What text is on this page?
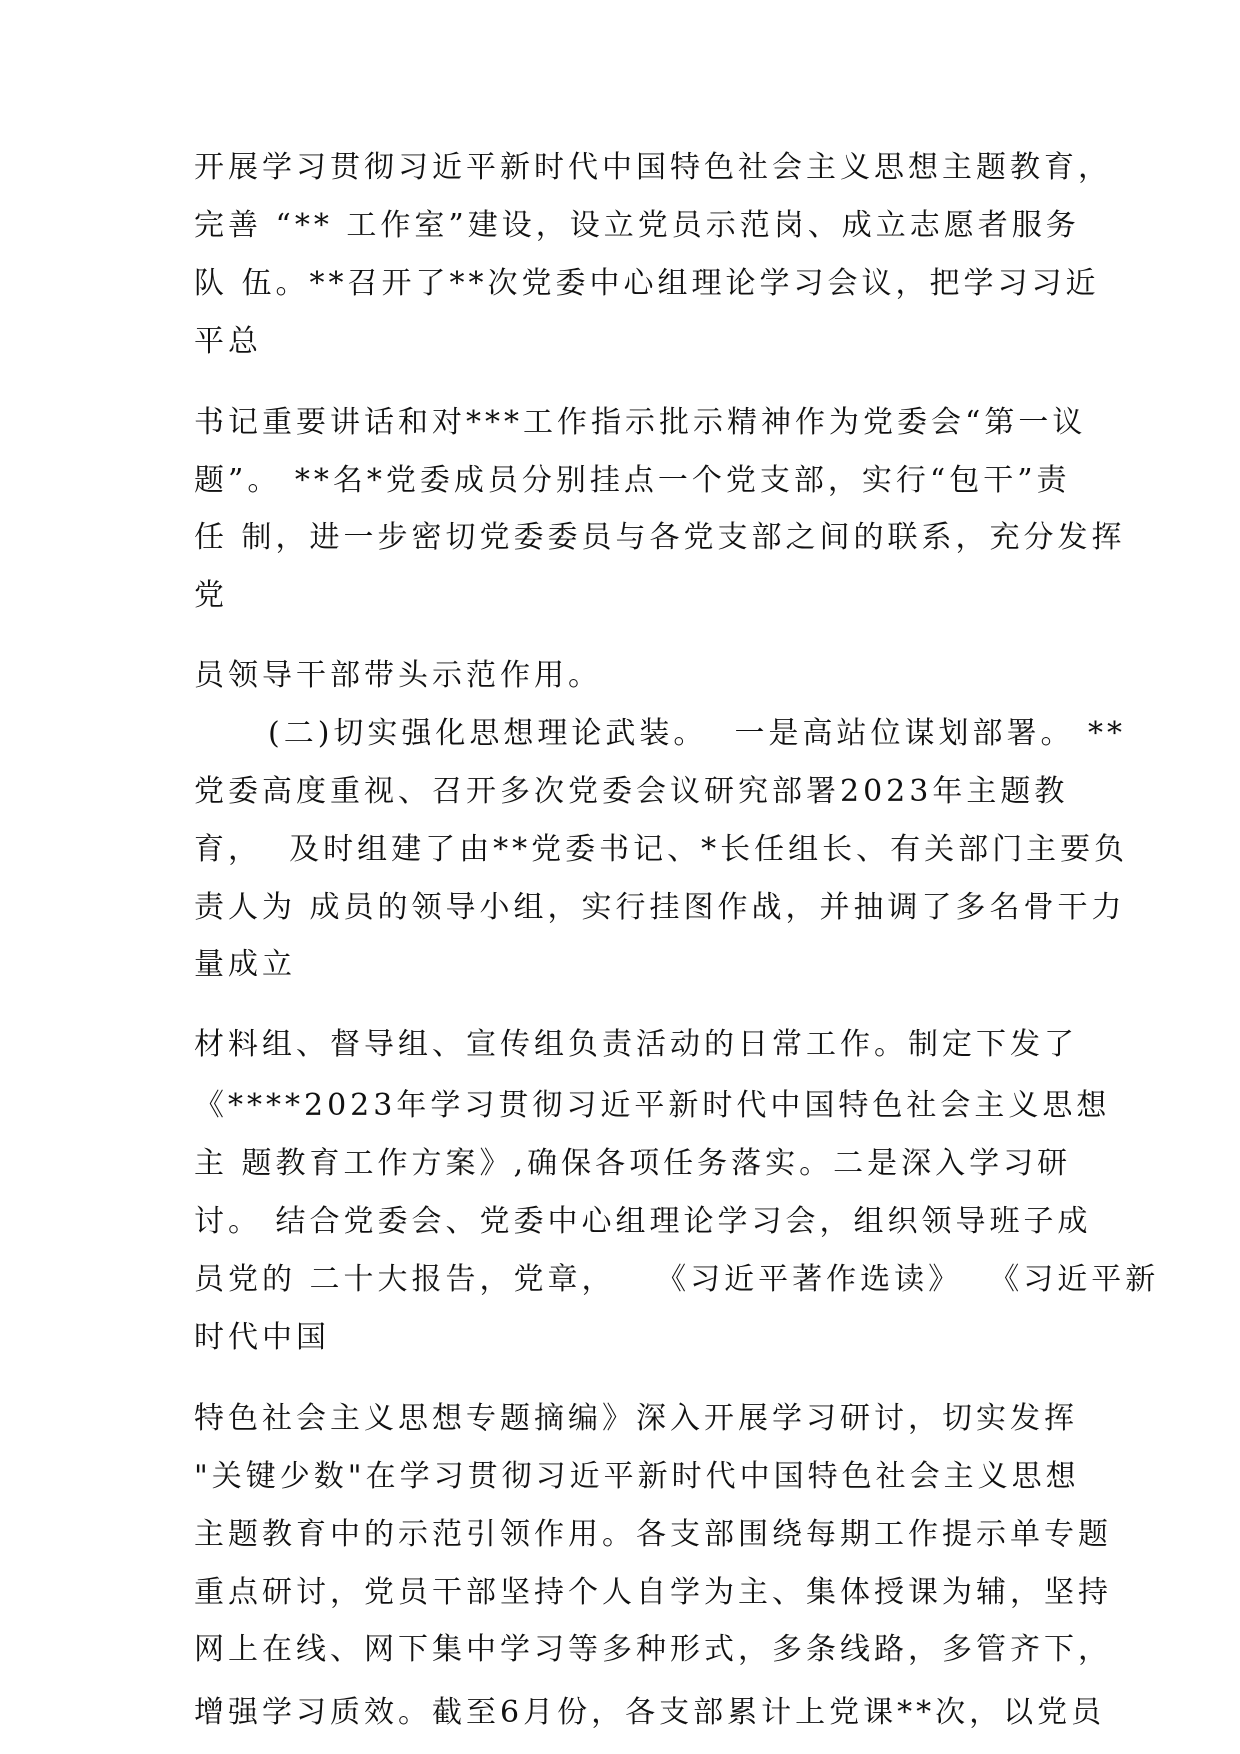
开展学习贯彻习近平新时代中国特色社会主义思想主题教育，
完善 “** 工作室”建设，设立党员示范岗、成立志愿者服务
队 伍。**召开了**次党委中心组理论学习会议，把学习习近
平总
书记重要讲话和对***工作指示批示精神作为党委会“第一议
题”。 **名*党委成员分别挂点一个党支部，实行“包干”责
任 制，进一步密切党委委员与各党支部之间的联系，充分发挥
党
员领导干部带头示范作用。
(二)切实强化思想理论武装。  一是高站位谋划部署。 **
党委高度重视、召开多次党委会议研究部署2023年主题教
育，  及时组建了由**党委书记、*长任组长、有关部门主要负
责人为 成员的领导小组，实行挂图作战，并抽调了多名骨干力
量成立
材料组、督导组、宣传组负责活动的日常工作。制定下发了
《****2023年学习贯彻习近平新时代中国特色社会主义思想
主 题教育工作方案》,确保各项任务落实。二是深入学习研
讨。 结合党委会、党委中心组理论学习会，组织领导班子成
员党的 二十大报告，党章，   《习近平著作选读》  《习近平新
时代中国
特色社会主义思想专题摘编》深入开展学习研讨，切实发挥
"关键少数"在学习贯彻习近平新时代中国特色社会主义思想
主题教育中的示范引领作用。各支部围绕每期工作提示单专题
重点研讨，党员干部坚持个人自学为主、集体授课为辅，坚持
网上在线、网下集中学习等多种形式，多条线路，多管齐下，
增强学习质效。截至6月份，各支部累计上党课**次，以党员
